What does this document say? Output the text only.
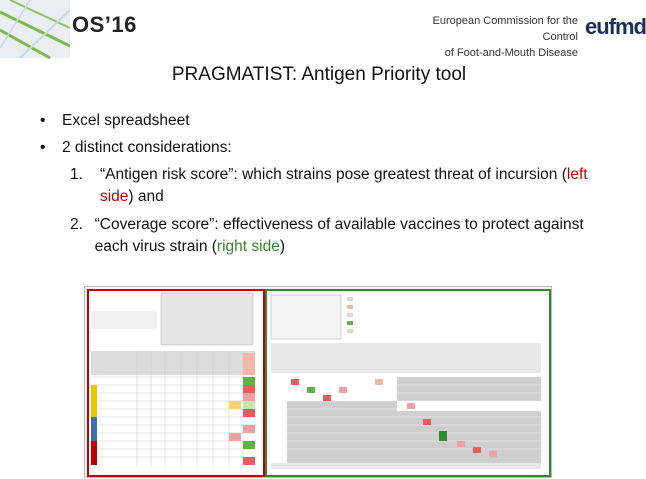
OS’16	European Commission for the Control
of Foot-and-Mouth Disease
eufmd
PRAGMATIST: Antigen Priority tool
•	Excel spreadsheet
•	2 distinct considerations:
1.	“Antigen risk score”: which strains pose greatest threat of incursion (left side) and
2. “Coverage score”: effectiveness of available vaccines to protect against each virus strain (right side)
